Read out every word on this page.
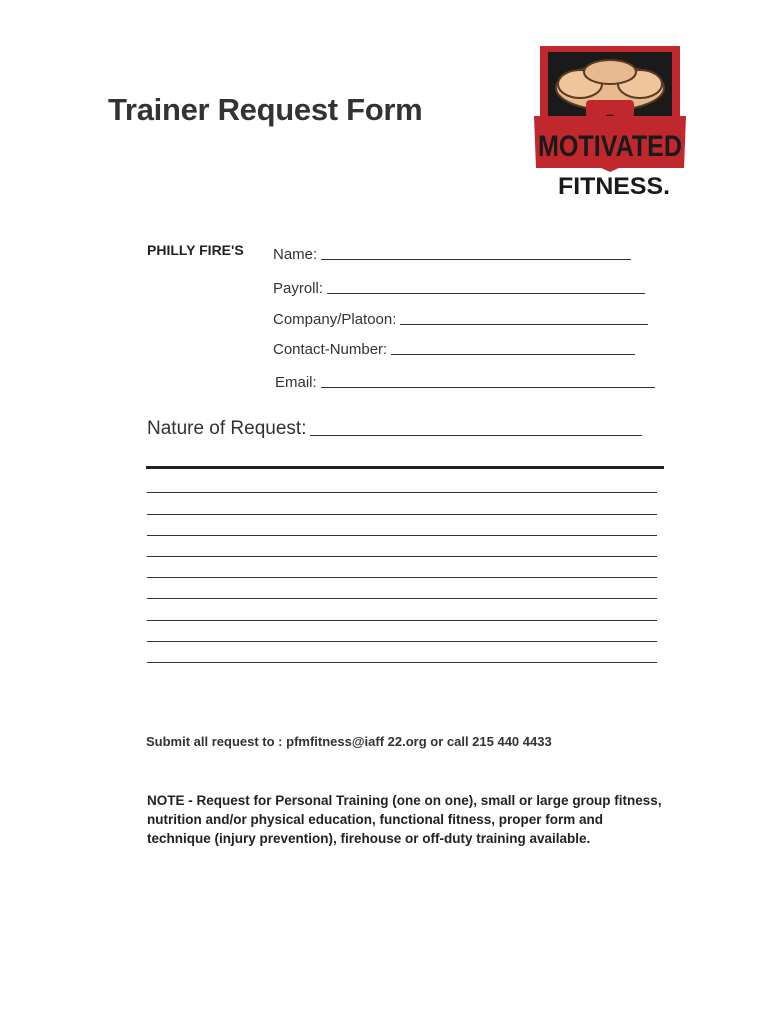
Trainer Request Form
MOTIVATED
FITNESS.
PHILLY FIRE'S Name:
Payroll:
Company/Platoon:
Contact-Number:
Email:
Nature of Request:
Submit all request to : pfmfitness@iaff 22.org or call 215 440 4433
NOTE - Request for Personal Training (one on one), small or large group fitness, nutrition and/or physical education, functional fitness, proper form and technique (injury prevention), firehouse or off-duty training available.
